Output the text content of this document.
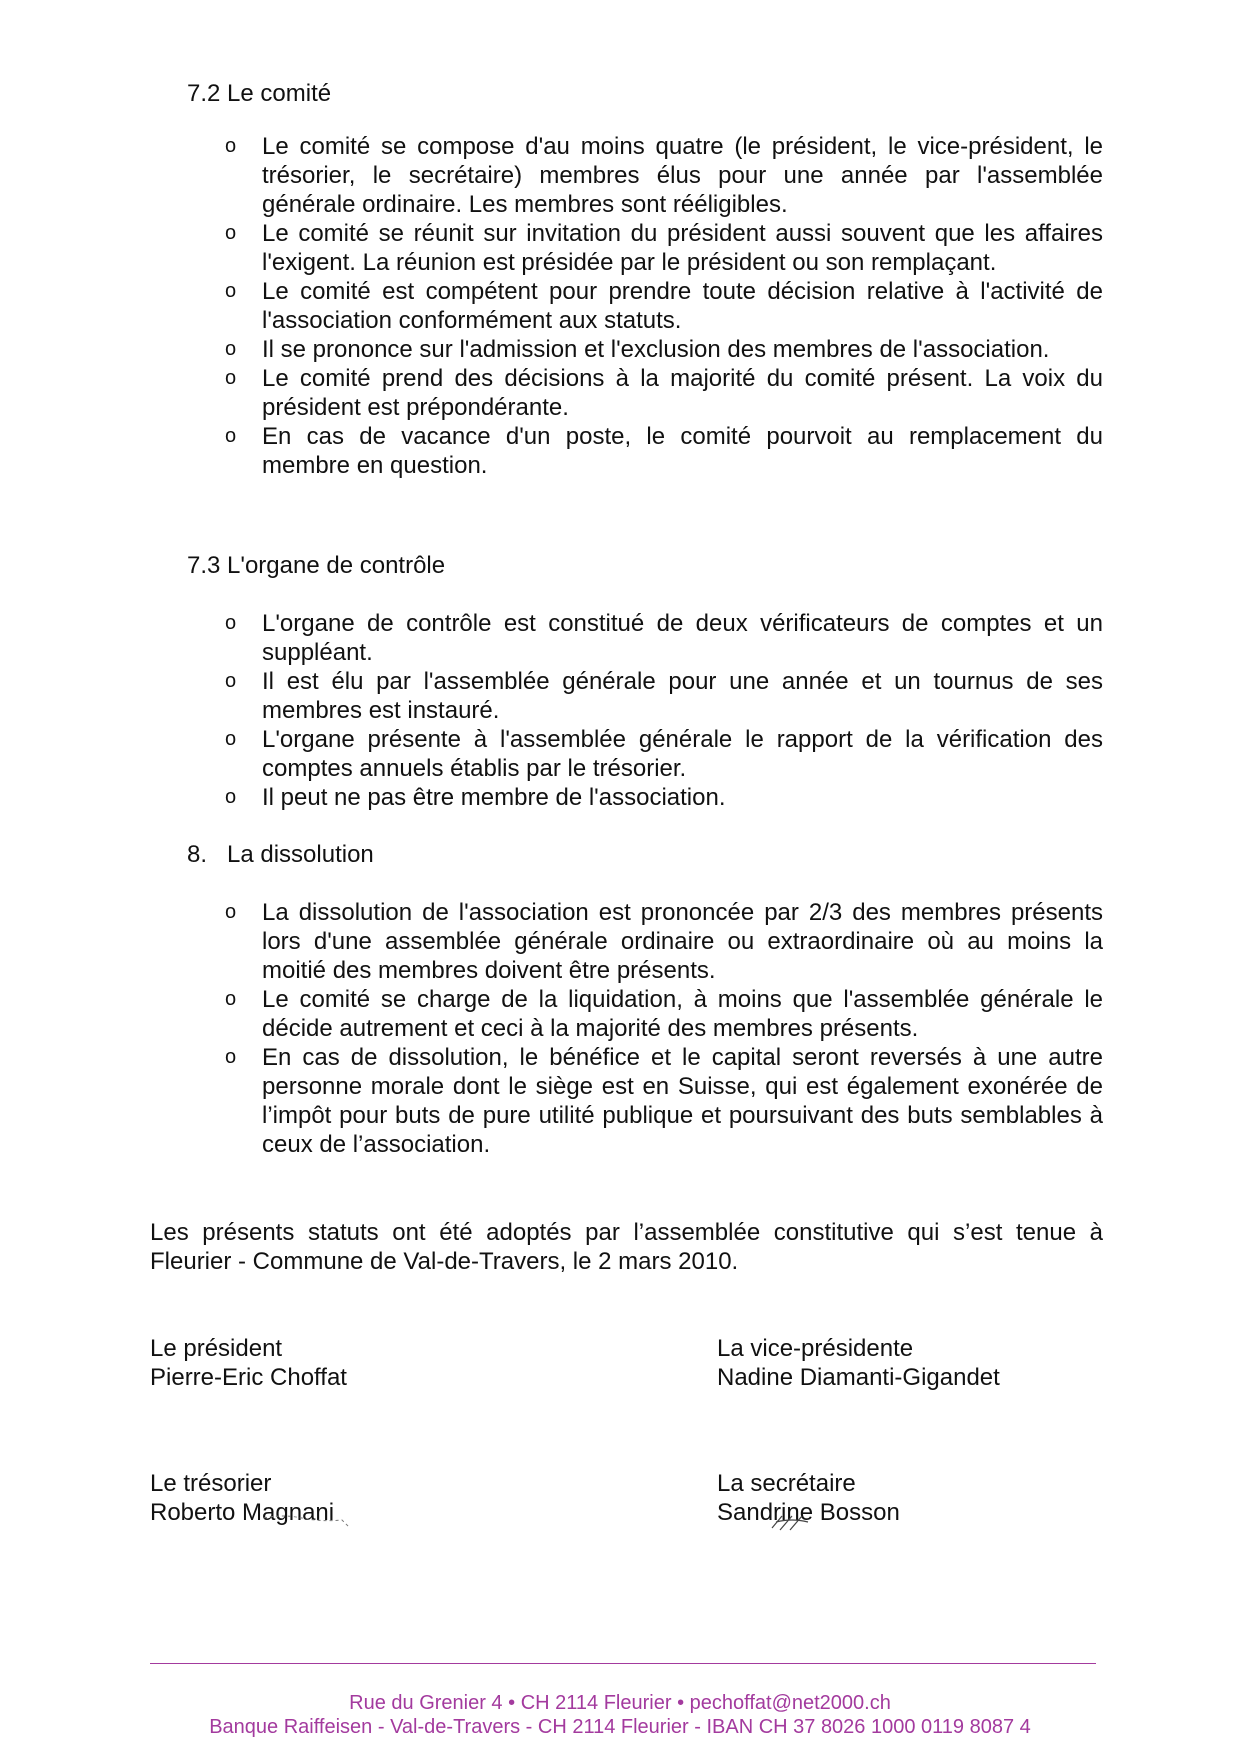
7.2 Le comité
o Le comité se compose d'au moins quatre (le président, le vice-président, le trésorier, le secrétaire) membres élus pour une année par l'assemblée générale ordinaire. Les membres sont rééligibles.
o Le comité se réunit sur invitation du président aussi souvent que les affaires l'exigent. La réunion est présidée par le président ou son remplaçant.
o Le comité est compétent pour prendre toute décision relative à l'activité de l'association conformément aux statuts.
o Il se prononce sur l'admission et l'exclusion des membres de l'association.
o Le comité prend des décisions à la majorité du comité présent. La voix du président est prépondérante.
o En cas de vacance d'un poste, le comité pourvoit au remplacement du membre en question.
7.3 L'organe de contrôle
o L'organe de contrôle est constitué de deux vérificateurs de comptes et un suppléant.
o Il est élu par l'assemblée générale pour une année et un tournus de ses membres est instauré.
o L'organe présente à l'assemblée générale le rapport de la vérification des comptes annuels établis par le trésorier.
o Il peut ne pas être membre de l'association.
8. La dissolution
o La dissolution de l'association est prononcée par 2/3 des membres présents lors d'une assemblée générale ordinaire ou extraordinaire où au moins la moitié des membres doivent être présents.
o Le comité se charge de la liquidation, à moins que l'assemblée générale le décide autrement et ceci à la majorité des membres présents.
o En cas de dissolution, le bénéfice et le capital seront reversés à une autre personne morale dont le siège est en Suisse, qui est également exonérée de l’impôt pour buts de pure utilité publique et poursuivant des buts semblables à ceux de l’association.

Les présents statuts ont été adoptés par l’assemblée constitutive qui s’est tenue à Fleurier - Commune de Val-de-Travers, le 2 mars 2010.

Le président
Pierre-Eric Choffat
La vice-présidente
Nadine Diamanti-Gigandet
Le trésorier
Roberto Magnani
La secrétaire
Sandrine Bosson
Rue du Grenier 4 • CH 2114 Fleurier • pechoffat@net2000.ch
Banque Raiffeisen - Val-de-Travers - CH 2114 Fleurier - IBAN CH 37 8026 1000 0119 8087 4
